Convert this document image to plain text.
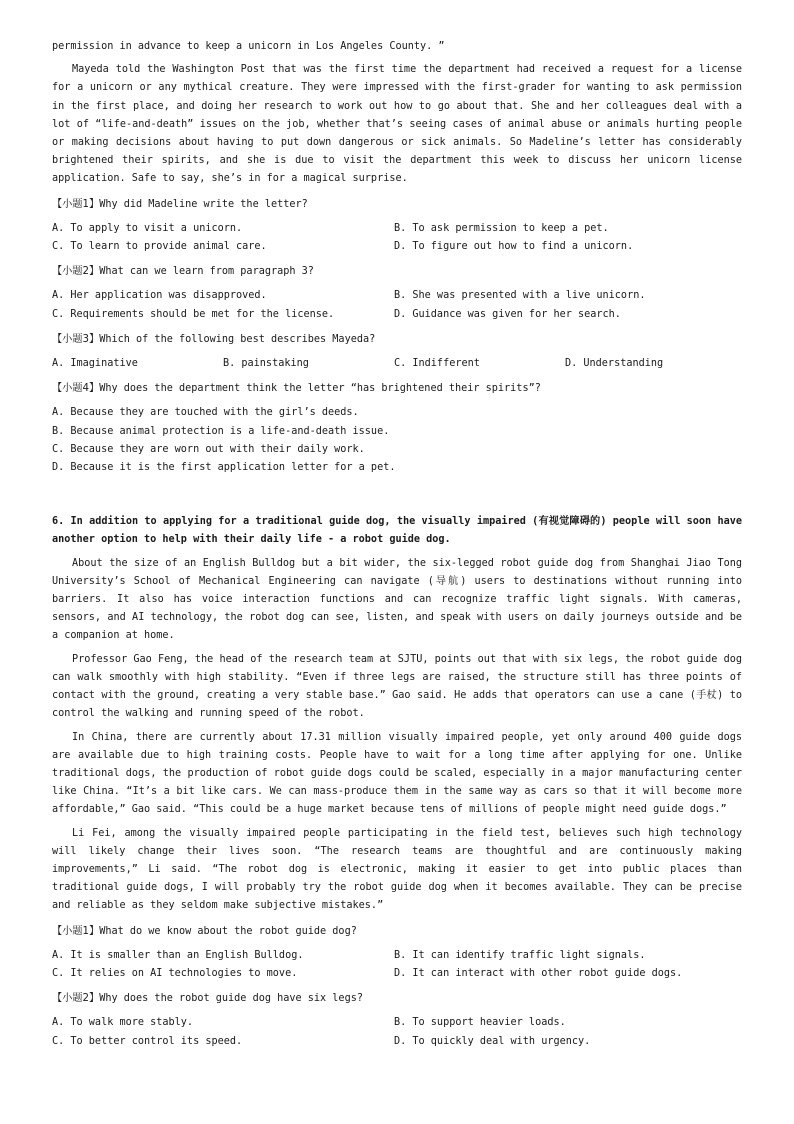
permission in advance to keep a unicorn in Los Angeles County. ”

Mayeda told the Washington Post that was the first time the department had received a request for a license for a unicorn or any mythical creature. They were impressed with the first-grader for wanting to ask permission in the first place, and doing her research to work out how to go about that. She and her colleagues deal with a lot of “life-and-death” issues on the job, whether that’s seeing cases of animal abuse or animals hurting people or making decisions about having to put down dangerous or sick animals. So Madeline’s letter has considerably brightened their spirits, and she is due to visit the department this week to discuss her unicorn license application. Safe to say, she’s in for a magical surprise.

【小题1】Why did Madeline write the letter?
A. To apply to visit a unicorn.	B. To ask permission to keep a pet.
C. To learn to provide animal care.	D. To figure out how to find a unicorn.
【小题2】What can we learn from paragraph 3?
A. Her application was disapproved.	B. She was presented with a live unicorn.
C. Requirements should be met for the license.	D. Guidance was given for her search.
【小题3】Which of the following best describes Mayeda?
A. Imaginative	B. painstaking	C. Indifferent	D. Understanding
【小题4】Why does the department think the letter “has brightened their spirits”?
A. Because they are touched with the girl’s deeds.
B. Because animal protection is a life-and-death issue.
C. Because they are worn out with their daily work.
D. Because it is the first application letter for a pet.

6. In addition to applying for a traditional guide dog, the visually impaired (有视觉障碍的) people will soon have another option to help with their daily life - a robot guide dog.

About the size of an English Bulldog but a bit wider, the six-legged robot guide dog from Shanghai Jiao Tong University’s School of Mechanical Engineering can navigate (导航) users to destinations without running into barriers. It also has voice interaction functions and can recognize traffic light signals. With cameras, sensors, and AI technology, the robot dog can see, listen, and speak with users on daily journeys outside and be a companion at home.

Professor Gao Feng, the head of the research team at SJTU, points out that with six legs, the robot guide dog can walk smoothly with high stability. “Even if three legs are raised, the structure still has three points of contact with the ground, creating a very stable base.” Gao said. He adds that operators can use a cane (手杖) to control the walking and running speed of the robot.

In China, there are currently about 17.31 million visually impaired people, yet only around 400 guide dogs are available due to high training costs. People have to wait for a long time after applying for one. Unlike traditional dogs, the production of robot guide dogs could be scaled, especially in a major manufacturing center like China. “It’s a bit like cars. We can mass-produce them in the same way as cars so that it will become more affordable,” Gao said. “This could be a huge market because tens of millions of people might need guide dogs.”

Li Fei, among the visually impaired people participating in the field test, believes such high technology will likely change their lives soon. “The research teams are thoughtful and are continuously making improvements,” Li said. “The robot dog is electronic, making it easier to get into public places than traditional guide dogs, I will probably try the robot guide dog when it becomes available. They can be precise and reliable as they seldom make subjective mistakes.”

【小题1】What do we know about the robot guide dog?
A. It is smaller than an English Bulldog.	B. It can identify traffic light signals.
C. It relies on AI technologies to move.	D. It can interact with other robot guide dogs.
【小题2】Why does the robot guide dog have six legs?
A. To walk more stably.	B. To support heavier loads.
C. To better control its speed.	D. To quickly deal with urgency.
